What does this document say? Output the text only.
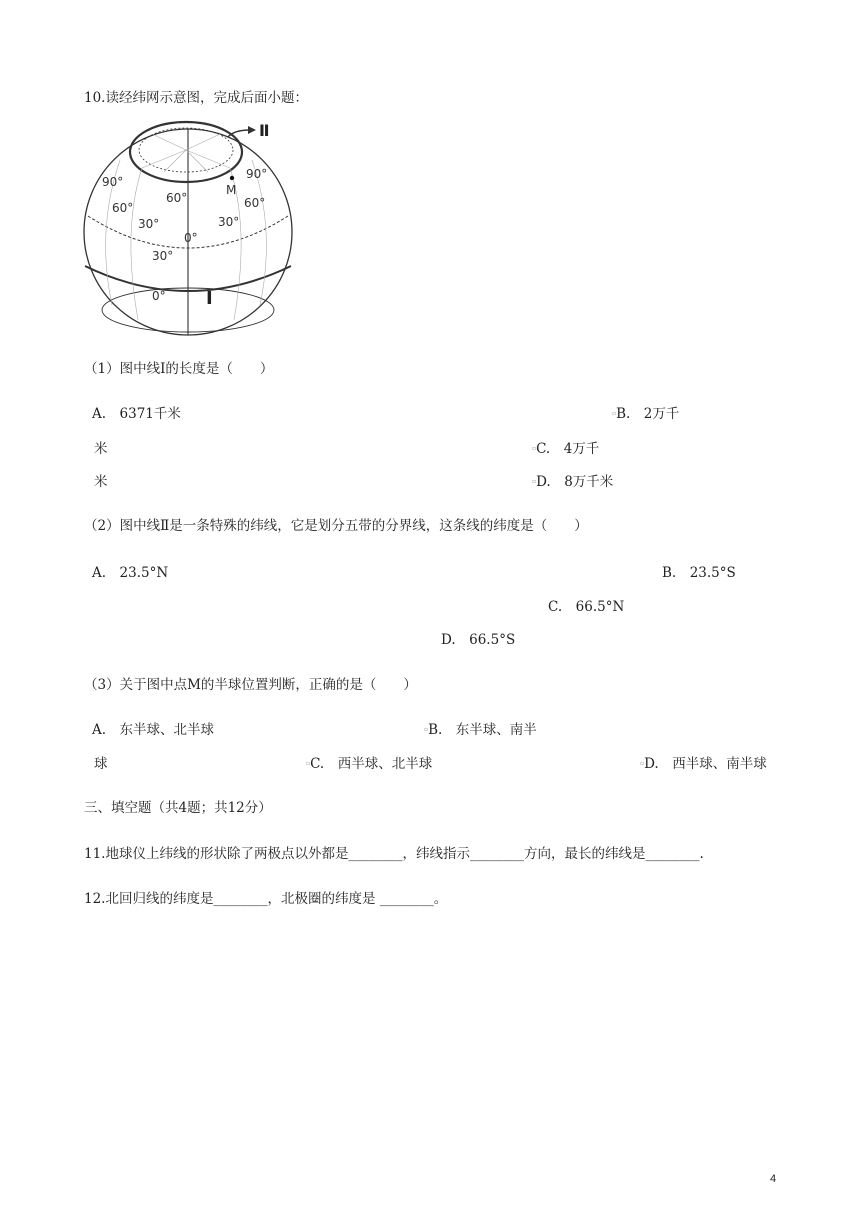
10.读经纬网示意图，完成后面小题：
Ⅱ
M
90°
60°
30°
60°
0°
30°
0°
90°
60°
30°
I
（1）图中线Ⅰ的长度是（　　）
A.　6371千米	▫B.　2万千
米	▫C.　4万千
米	▫D.　8万千米
（2）图中线Ⅱ是一条特殊的纬线，它是划分五带的分界线，这条线的纬度是（　　）
A.　23.5°N	B.　23.5°S
C.　66.5°N
D.　66.5°S
（3）关于图中点M的半球位置判断，正确的是（　　）
A.　东半球、北半球	▫B.　东半球、南半
球	▫C.　西半球、北半球	▫D.　西半球、南半球
三、填空题（共4题；共12分）
11.地球仪上纬线的形状除了两极点以外都是________，纬线指示________方向，最长的纬线是________.
12.北回归线的纬度是________，北极圈的纬度是 ________。
4
